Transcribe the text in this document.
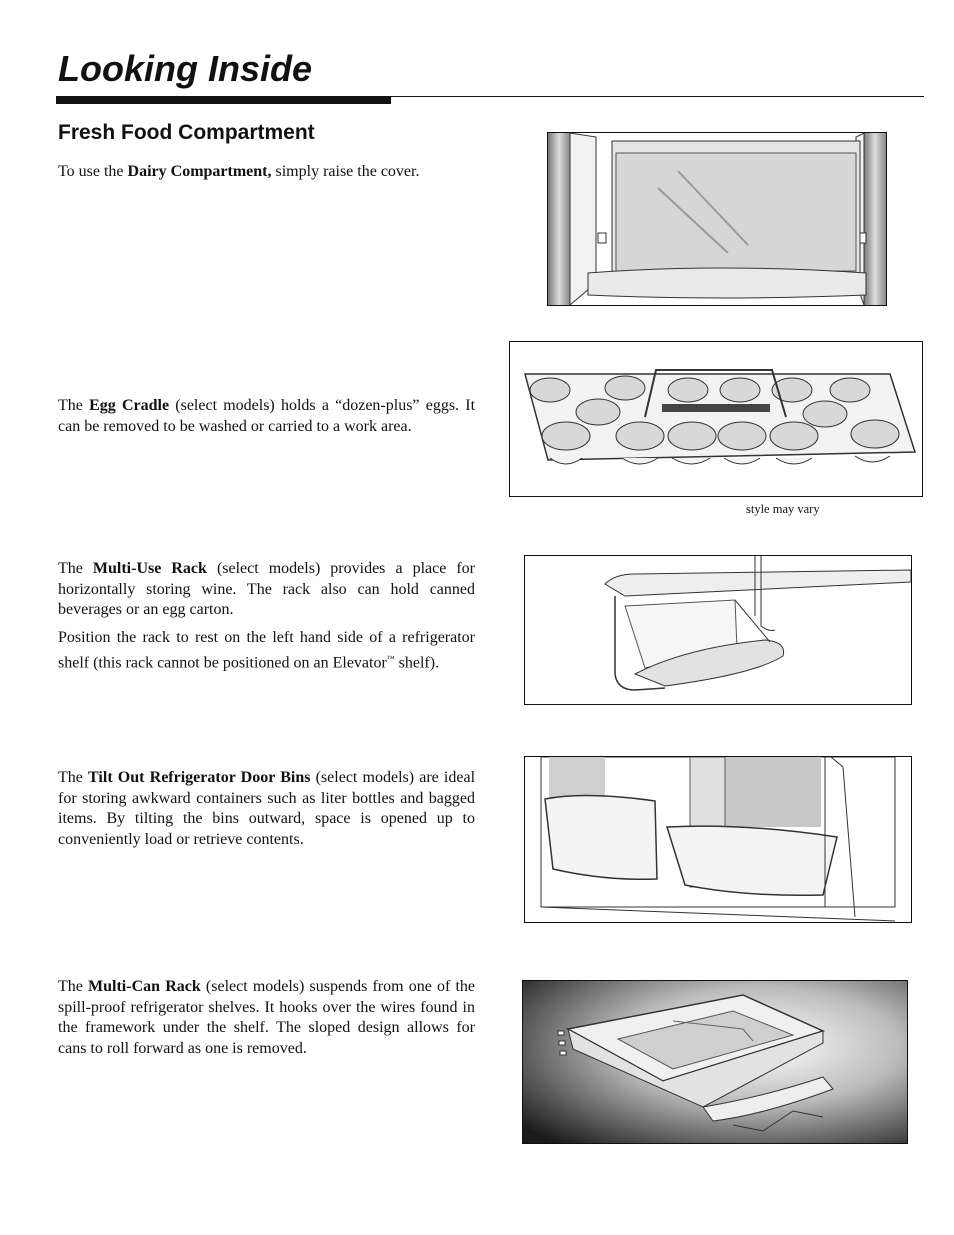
Looking Inside
Fresh Food Compartment

To use the Dairy Compartment, simply raise the cover.

The Egg Cradle (select models) holds a “dozen-plus” eggs. It can be removed to be washed or carried to a work area.

style may vary

The Multi-Use Rack (select models) provides a place for horizontally storing wine. The rack also can hold canned beverages or an egg carton.

Position the rack to rest on the left hand side of a refrigerator shelf (this rack cannot be positioned on an Elevator™ shelf).

The Tilt Out Refrigerator Door Bins (select models) are ideal for storing awkward containers such as liter bottles and bagged items. By tilting the bins outward, space is opened up to conveniently load or retrieve contents.

The Multi-Can Rack (select models) suspends from one of the spill-proof refrigerator shelves. It hooks over the wires found in the framework under the shelf. The sloped design allows for cans to roll forward as one is removed.
